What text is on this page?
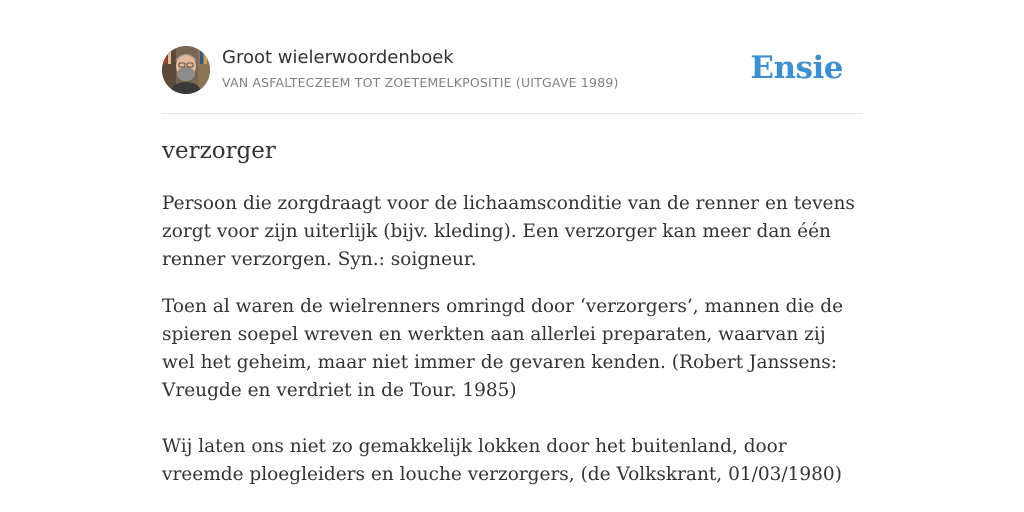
Groot wielerwoordenboek
VAN ASFALTECZEEM TOT ZOETEMELKPOSITIE (UITGAVE 1989)	Ensie
verzorger

Persoon die zorgdraagt voor de lichaamsconditie van de renner en tevens zorgt voor zijn uiterlijk (bijv. kleding). Een verzorger kan meer dan één renner verzorgen. Syn.: soigneur.

Toen al waren de wielrenners omringd door ‘verzorgers’, mannen die de spieren soepel wreven en werkten aan allerlei preparaten, waarvan zij wel het geheim, maar niet immer de gevaren kenden. (Robert Janssens: Vreugde en verdriet in de Tour. 1985)

Wij laten ons niet zo gemakkelijk lokken door het buitenland, door vreemde ploegleiders en louche verzorgers, (de Volkskrant, 01/03/1980)
